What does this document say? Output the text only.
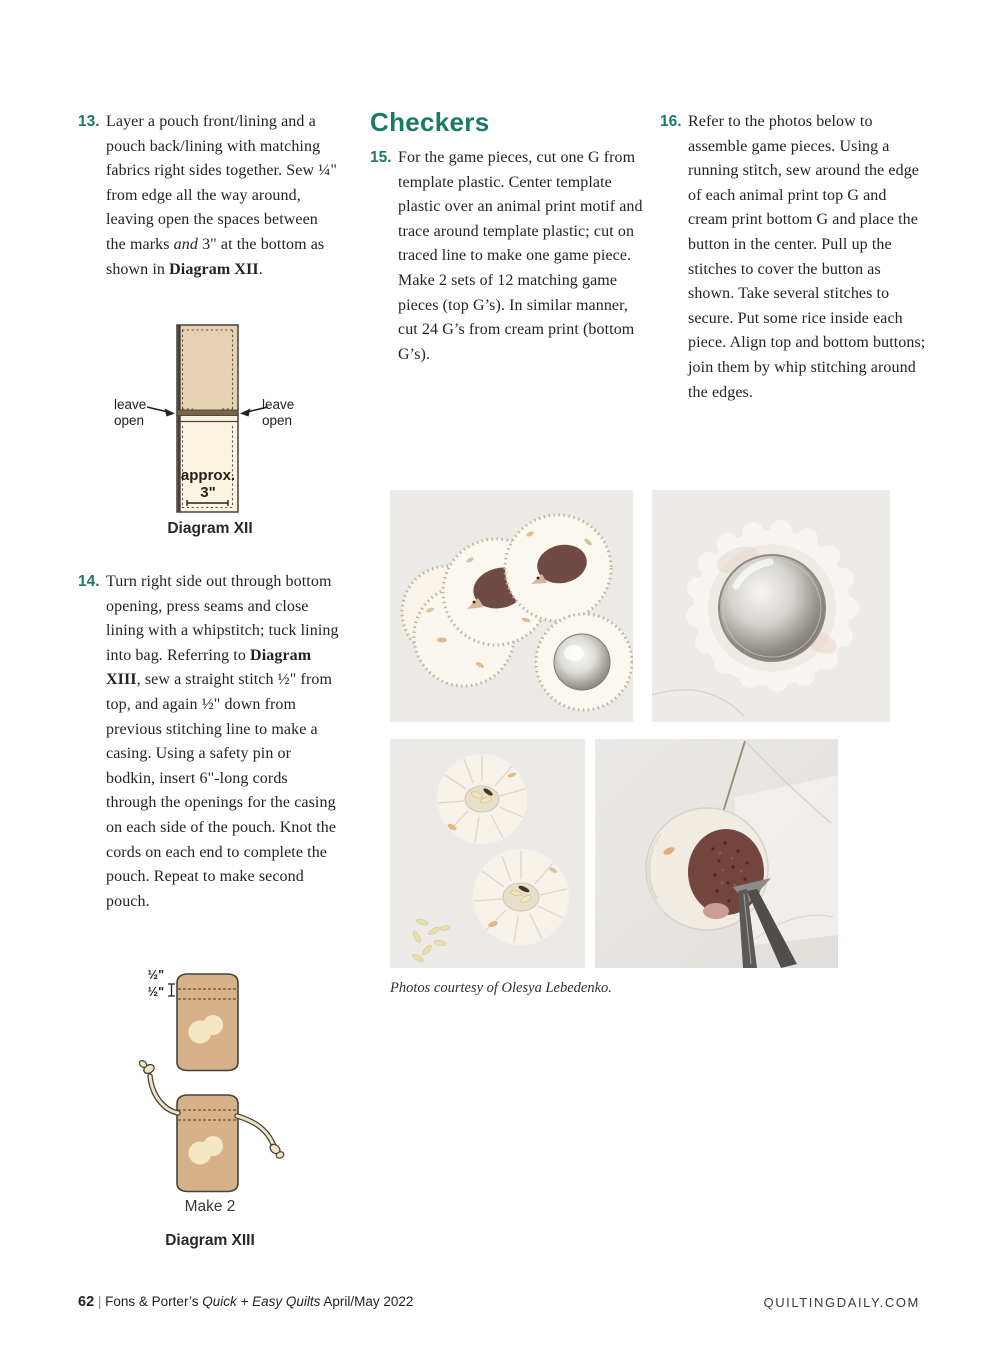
13. Layer a pouch front/lining and a pouch back/lining with matching fabrics right sides together. Sew ¼" from edge all the way around, leaving open the spaces between the marks and 3" at the bottom as shown in Diagram XII.

leave
open
leave
open
approx.
3"
Diagram XII
14. Turn right side out through bottom opening, press seams and close lining with a whipstitch; tuck lining into bag. Referring to Diagram XIII, sew a straight stitch ½" from top, and again ½" down from previous stitching line to make a casing. Using a safety pin or bodkin, insert 6"-long cords through the openings for the casing on each side of the pouch. Knot the cords on each end to complete the pouch. Repeat to make second pouch.

½"
½"
Make 2
Diagram XIII
Checkers
15. For the game pieces, cut one G from template plastic. Center template plastic over an animal print motif and trace around template plastic; cut on traced line to make one game piece. Make 2 sets of 12 matching game pieces (top G’s). In similar manner, cut 24 G’s from cream print (bottom G’s).

16. Refer to the photos below to assemble game pieces. Using a running stitch, sew around the edge of each animal print top G and cream print bottom G and place the button in the center. Pull up the stitches to cover the button as shown. Take several stitches to secure. Put some rice inside each piece. Align top and bottom buttons; join them by whip stitching around the edges.

Photos courtesy of Olesya Lebedenko.
62 | Fons & Porter’s Quick + Easy Quilts April/May 2022	QUILTINGDAILY.COM
